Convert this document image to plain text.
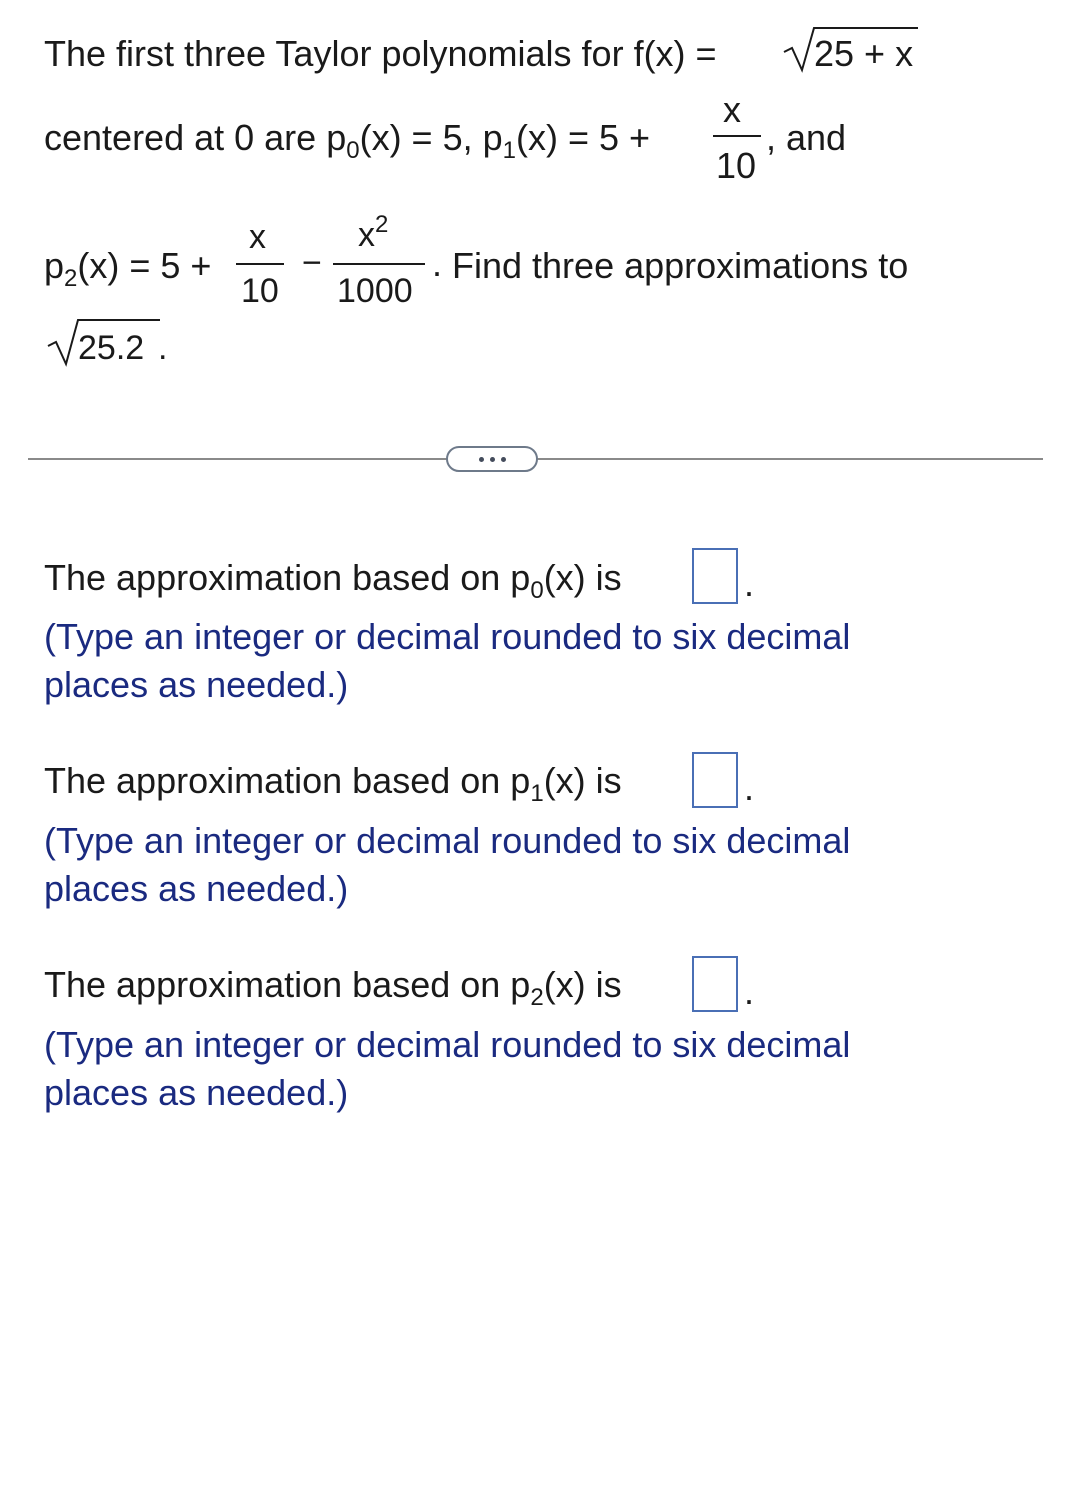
The first three Taylor polynomials for f(x) =	25 + x
centered at 0 are $p_0(x) = 5$, $p_1(x) = 5$ +
x
10
, and
$p_2(x) = 5$ +
x
10
−
$x^2$
1000
. Find three approximations to
25.2 .
The approximation based on $p_0(x)$ is	.
(Type an integer or decimal rounded to six decimal
places as needed.)
The approximation based on $p_1(x)$ is	.
(Type an integer or decimal rounded to six decimal
places as needed.)
The approximation based on $p_2(x)$ is	.
(Type an integer or decimal rounded to six decimal
places as needed.)
